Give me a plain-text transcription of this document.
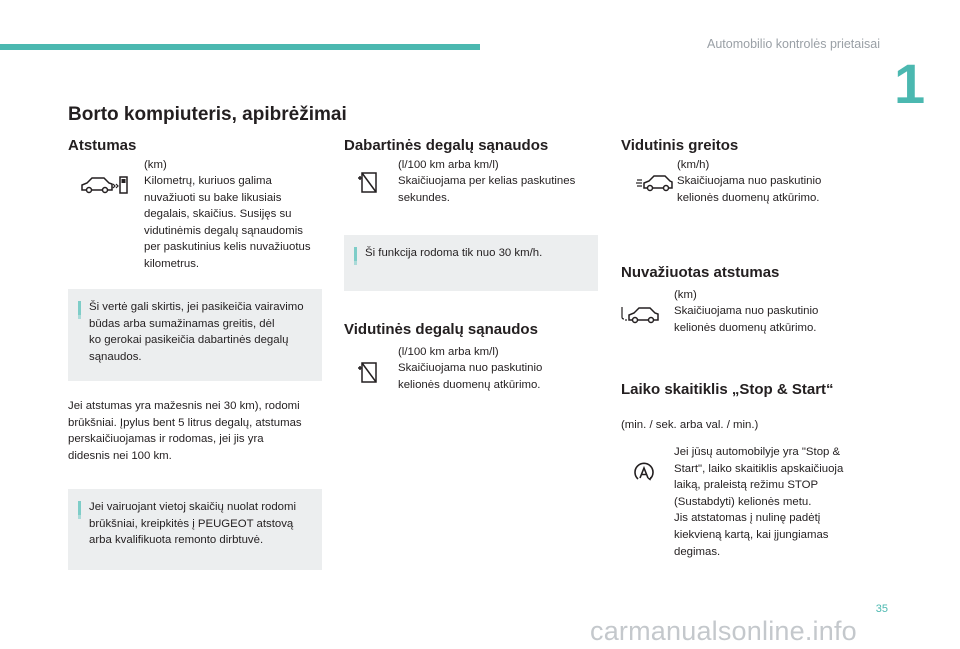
Automobilio kontrolės prietaisai
1
Borto kompiuteris, apibrėžimai
Atstumas
(km)
Kilometrų, kuriuos galima
nuvažiuoti su bake likusiais
degalais, skaičius. Susijęs su
vidutinėmis degalų sąnaudomis
per paskutinius kelis nuvažiuotus
kilometrus.
Ši vertė gali skirtis, jei pasikeičia vairavimo
būdas arba sumažinamas greitis, dėl
ko gerokai pasikeičia dabartinės degalų
sąnaudos.
Jei atstumas yra mažesnis nei 30 km), rodomi
brūkšniai. Įpylus bent 5 litrus degalų, atstumas
perskaičiuojamas ir rodomas, jei jis yra
didesnis nei 100 km.
Jei vairuojant vietoj skaičių nuolat rodomi
brūkšniai, kreipkitės į PEUGEOT atstovą
arba kvalifikuota remonto dirbtuvė.
Dabartinės degalų sąnaudos
(l/100 km arba km/l)
Skaičiuojama per kelias paskutines
sekundes.
Ši funkcija rodoma tik nuo 30 km/h.
Vidutinės degalų sąnaudos
(l/100 km arba km/l)
Skaičiuojama nuo paskutinio
kelionės duomenų atkūrimo.
Vidutinis greitos
(km/h)
Skaičiuojama nuo paskutinio
kelionės duomenų atkūrimo.
Nuvažiuotas atstumas
(km)
Skaičiuojama nuo paskutinio
kelionės duomenų atkūrimo.
Laiko skaitiklis „Stop & Start“
(min. / sek. arba val. / min.)
Jei jūsų automobilyje yra "Stop &
Start", laiko skaitiklis apskaičiuoja
laiką, praleistą režimu STOP
(Sustabdyti) kelionės metu.
Jis atstatomas į nulinę padėtį
kiekvieną kartą, kai įjungiamas
degimas.
35
carmanualsonline.info
